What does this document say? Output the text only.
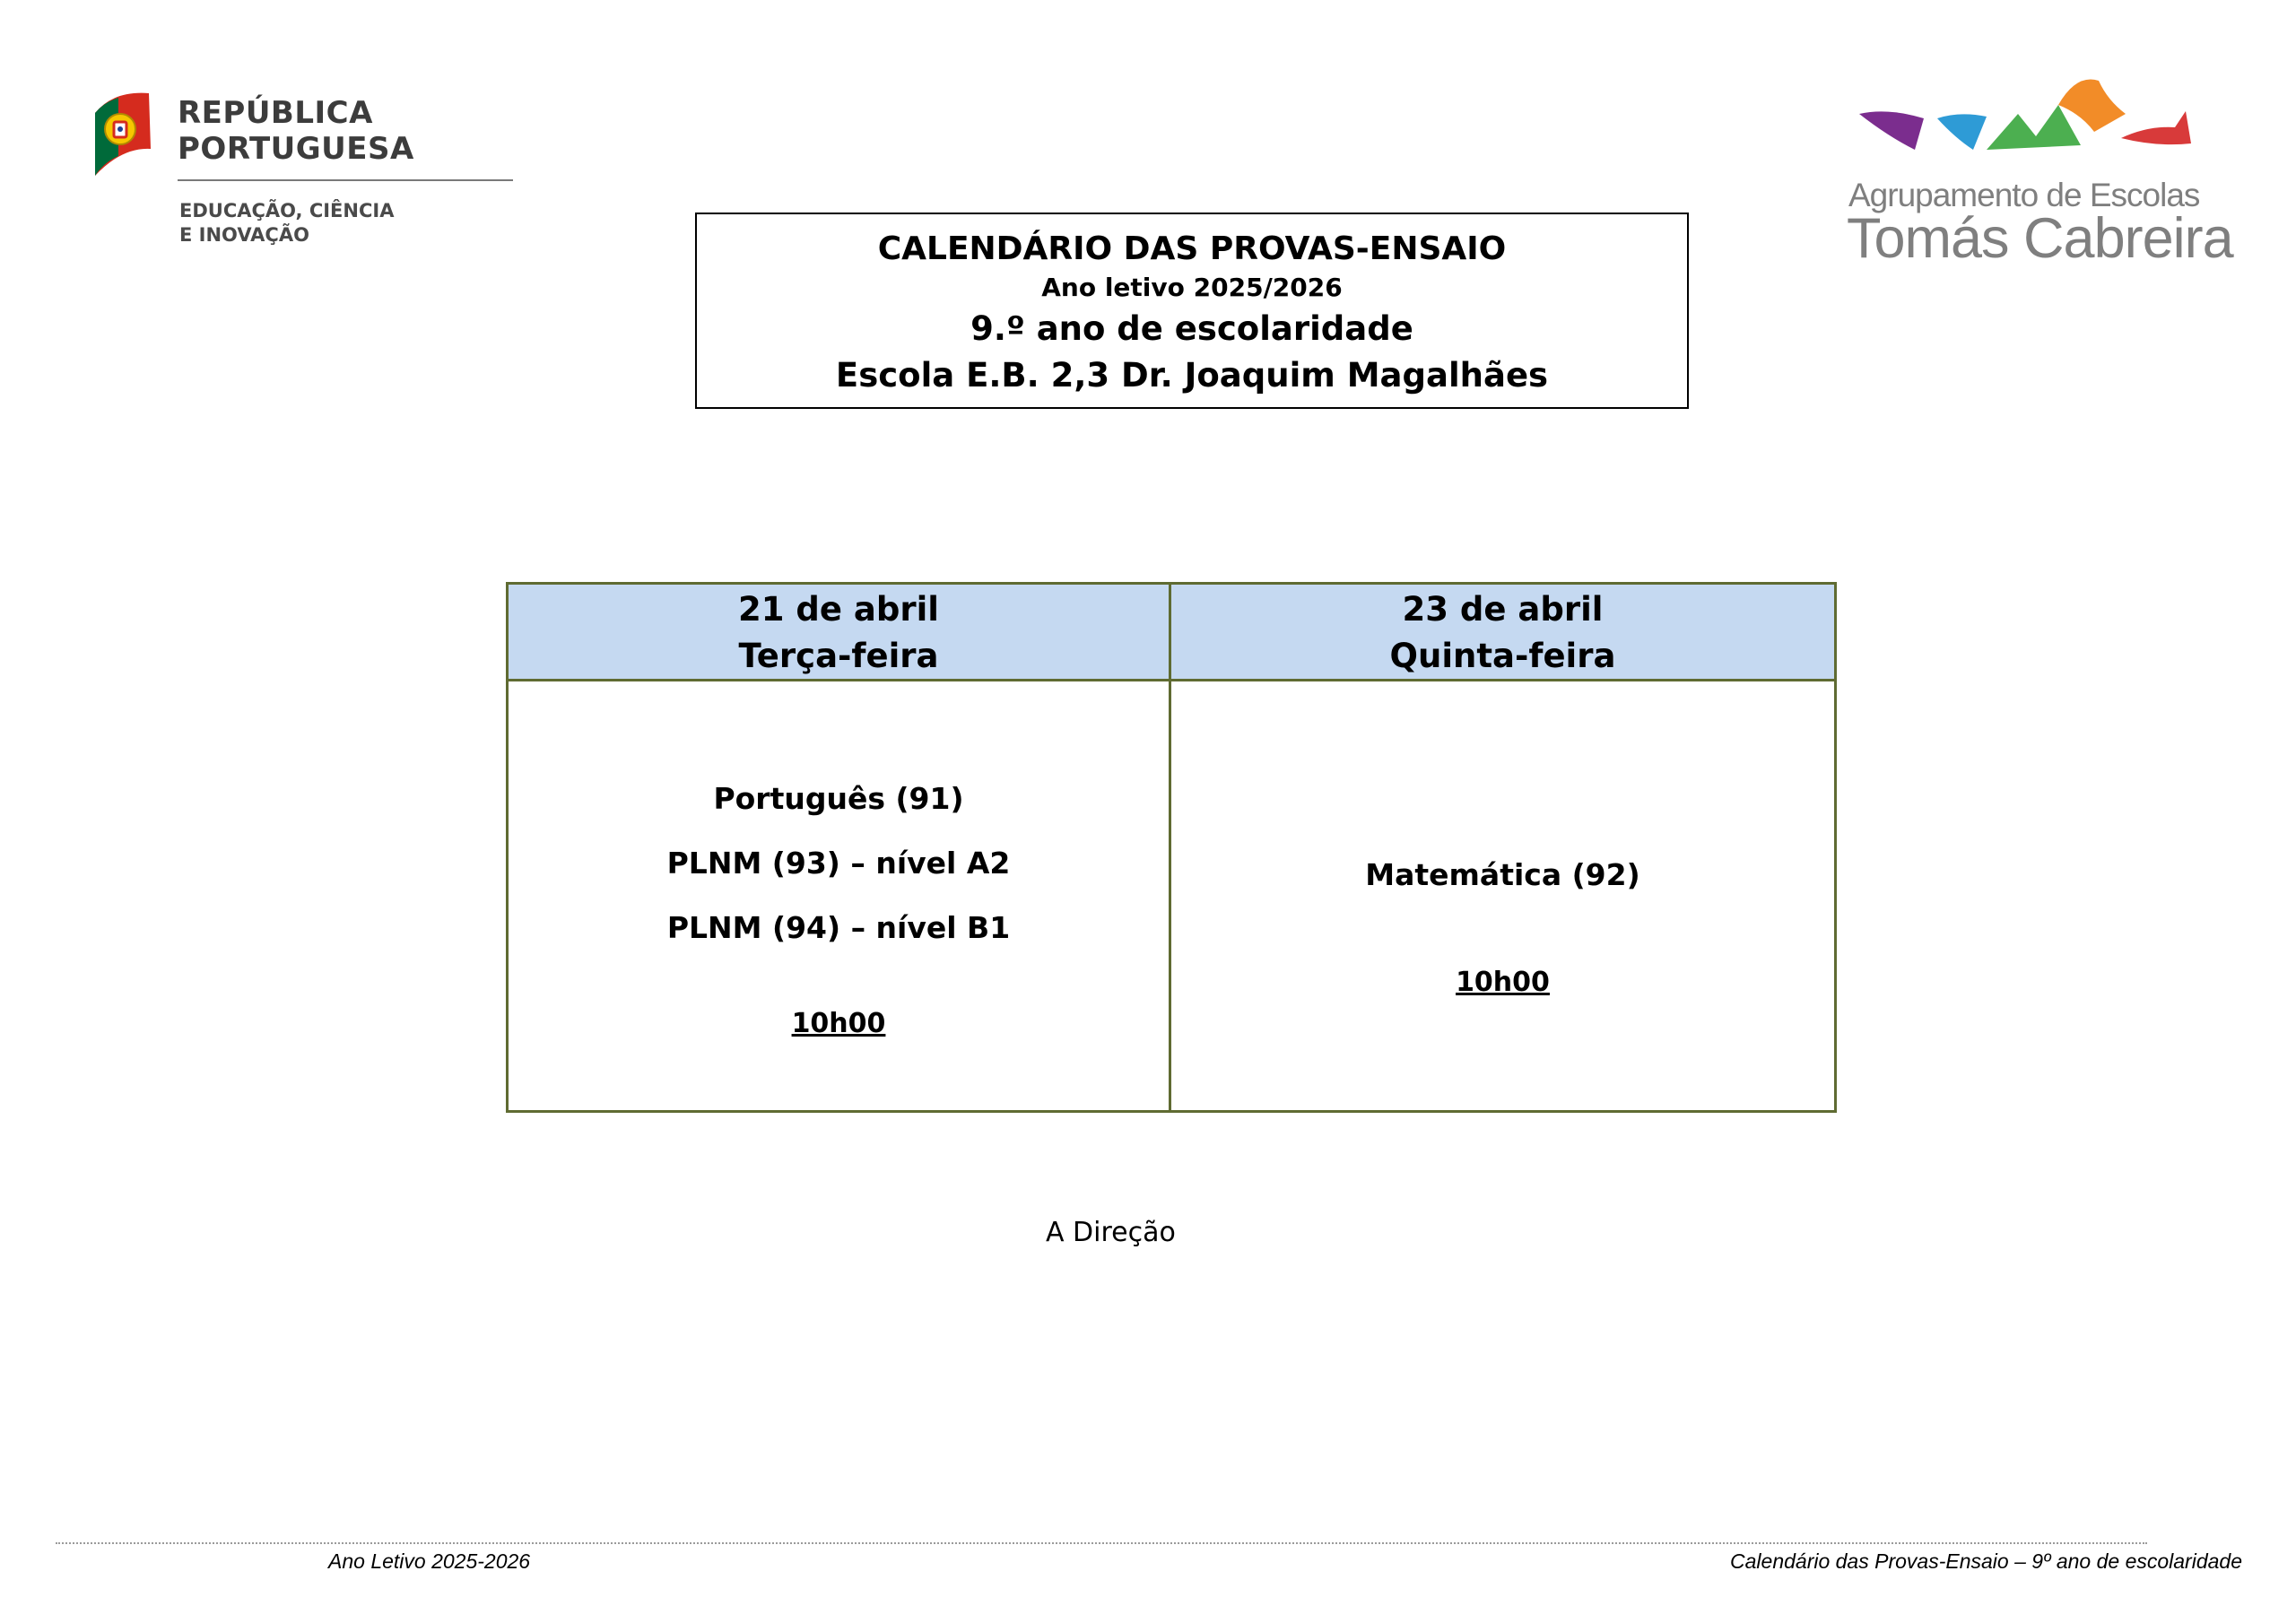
REPÚBLICA
PORTUGUESA
EDUCAÇÃO, CIÊNCIA
E INOVAÇÃO
Agrupamento de Escolas
Tomás Cabreira
CALENDÁRIO DAS PROVAS-ENSAIO
Ano letivo 2025/2026
9.º ano de escolaridade
Escola E.B. 2,3 Dr. Joaquim Magalhães
21 de abril
Terça-feira
23 de abril
Quinta-feira
Português (91)
PLNM (93) – nível A2
PLNM (94) – nível B1
10h00
Matemática (92)
10h00
A Direção
Ano Letivo 2025-2026	Calendário das Provas-Ensaio – 9º ano de escolaridade
